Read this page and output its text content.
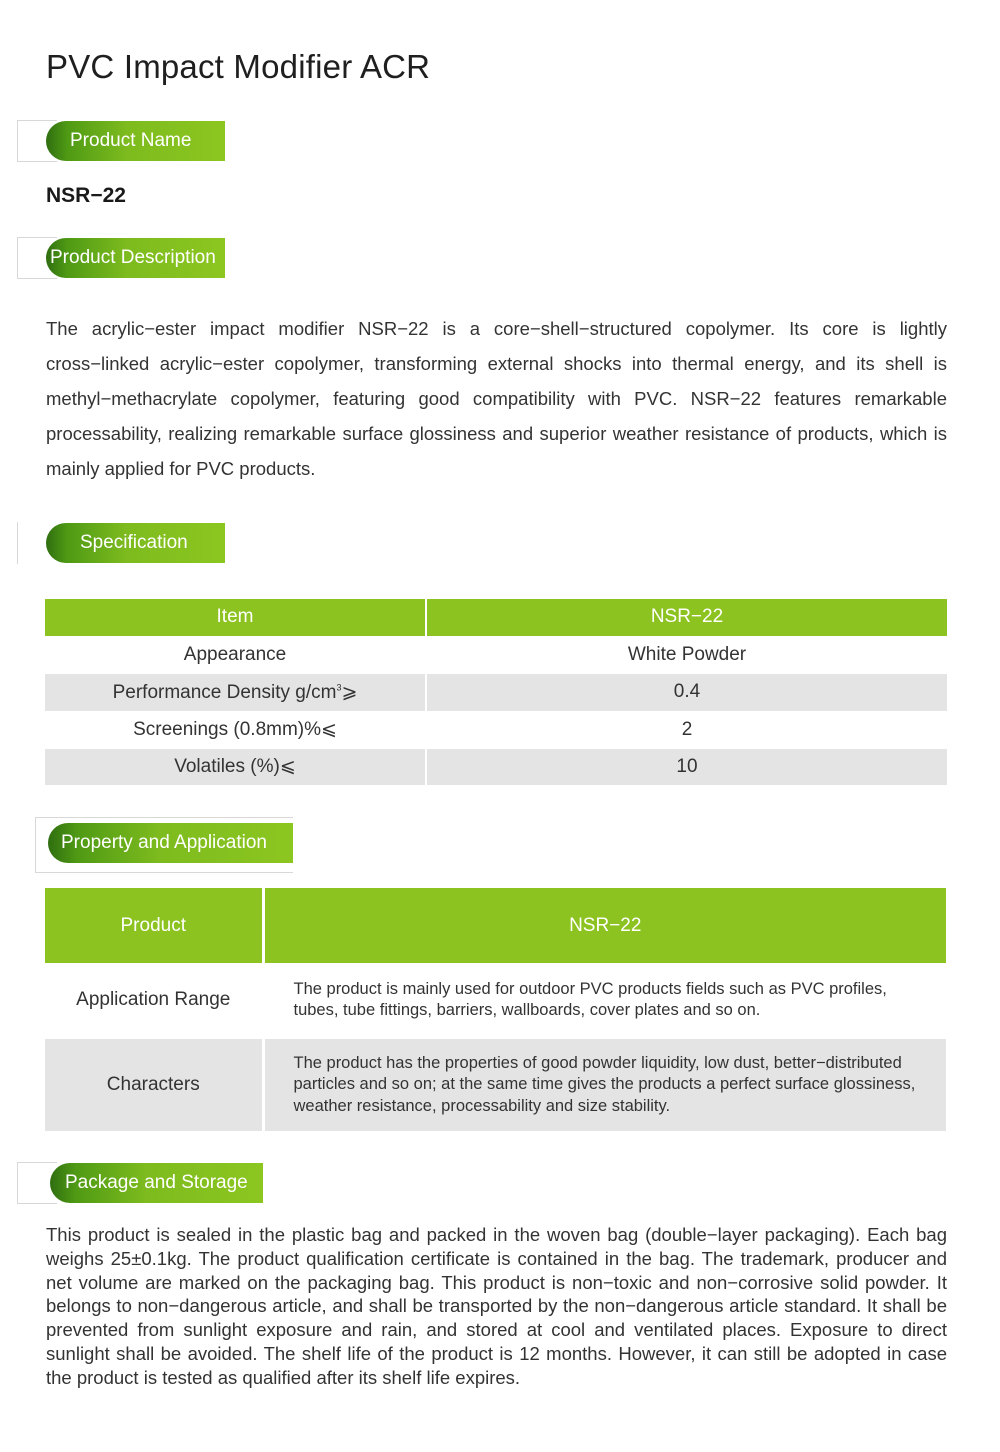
PVC Impact Modifier ACR
Product Name
NSR−22
Product Description

The acrylic−ester impact modifier NSR−22 is a core−shell−structured copolymer. Its core is lightly cross−linked acrylic−ester copolymer, transforming external shocks into thermal energy, and its shell is methyl−methacrylate copolymer, featuring good compatibility with PVC. NSR−22 features remarkable processability, realizing remarkable surface glossiness and superior weather resistance of products, which is mainly applied for PVC products.

Specification
Item	NSR−22
Appearance	White Powder
Performance Density $g/cm^3⩾$	0.4
Screenings (0.8mm)%⩽	2
Volatiles (%)⩽	10
Property and Application
Product	NSR−22
Application Range	The product is mainly used for outdoor PVC products fields such as PVC profiles, tubes, tube fittings, barriers, wallboards, cover plates and so on.
Characters	The product has the properties of good powder liquidity, low dust, better−distributed particles and so on; at the same time gives the products a perfect surface glossiness, weather resistance, processability and size stability.
Package and Storage

This product is sealed in the plastic bag and packed in the woven bag (double−layer packaging). Each bag weighs 25±0.1kg. The product qualification certificate is contained in the bag. The trademark, producer and net volume are marked on the packaging bag. This product is non−toxic and non−corrosive solid powder. It belongs to non−dangerous article, and shall be transported by the non−dangerous article standard. It shall be prevented from sunlight exposure and rain, and stored at cool and ventilated places. Exposure to direct sunlight shall be avoided. The shelf life of the product is 12 months. However, it can still be adopted in case the product is tested as qualified after its shelf life expires.
